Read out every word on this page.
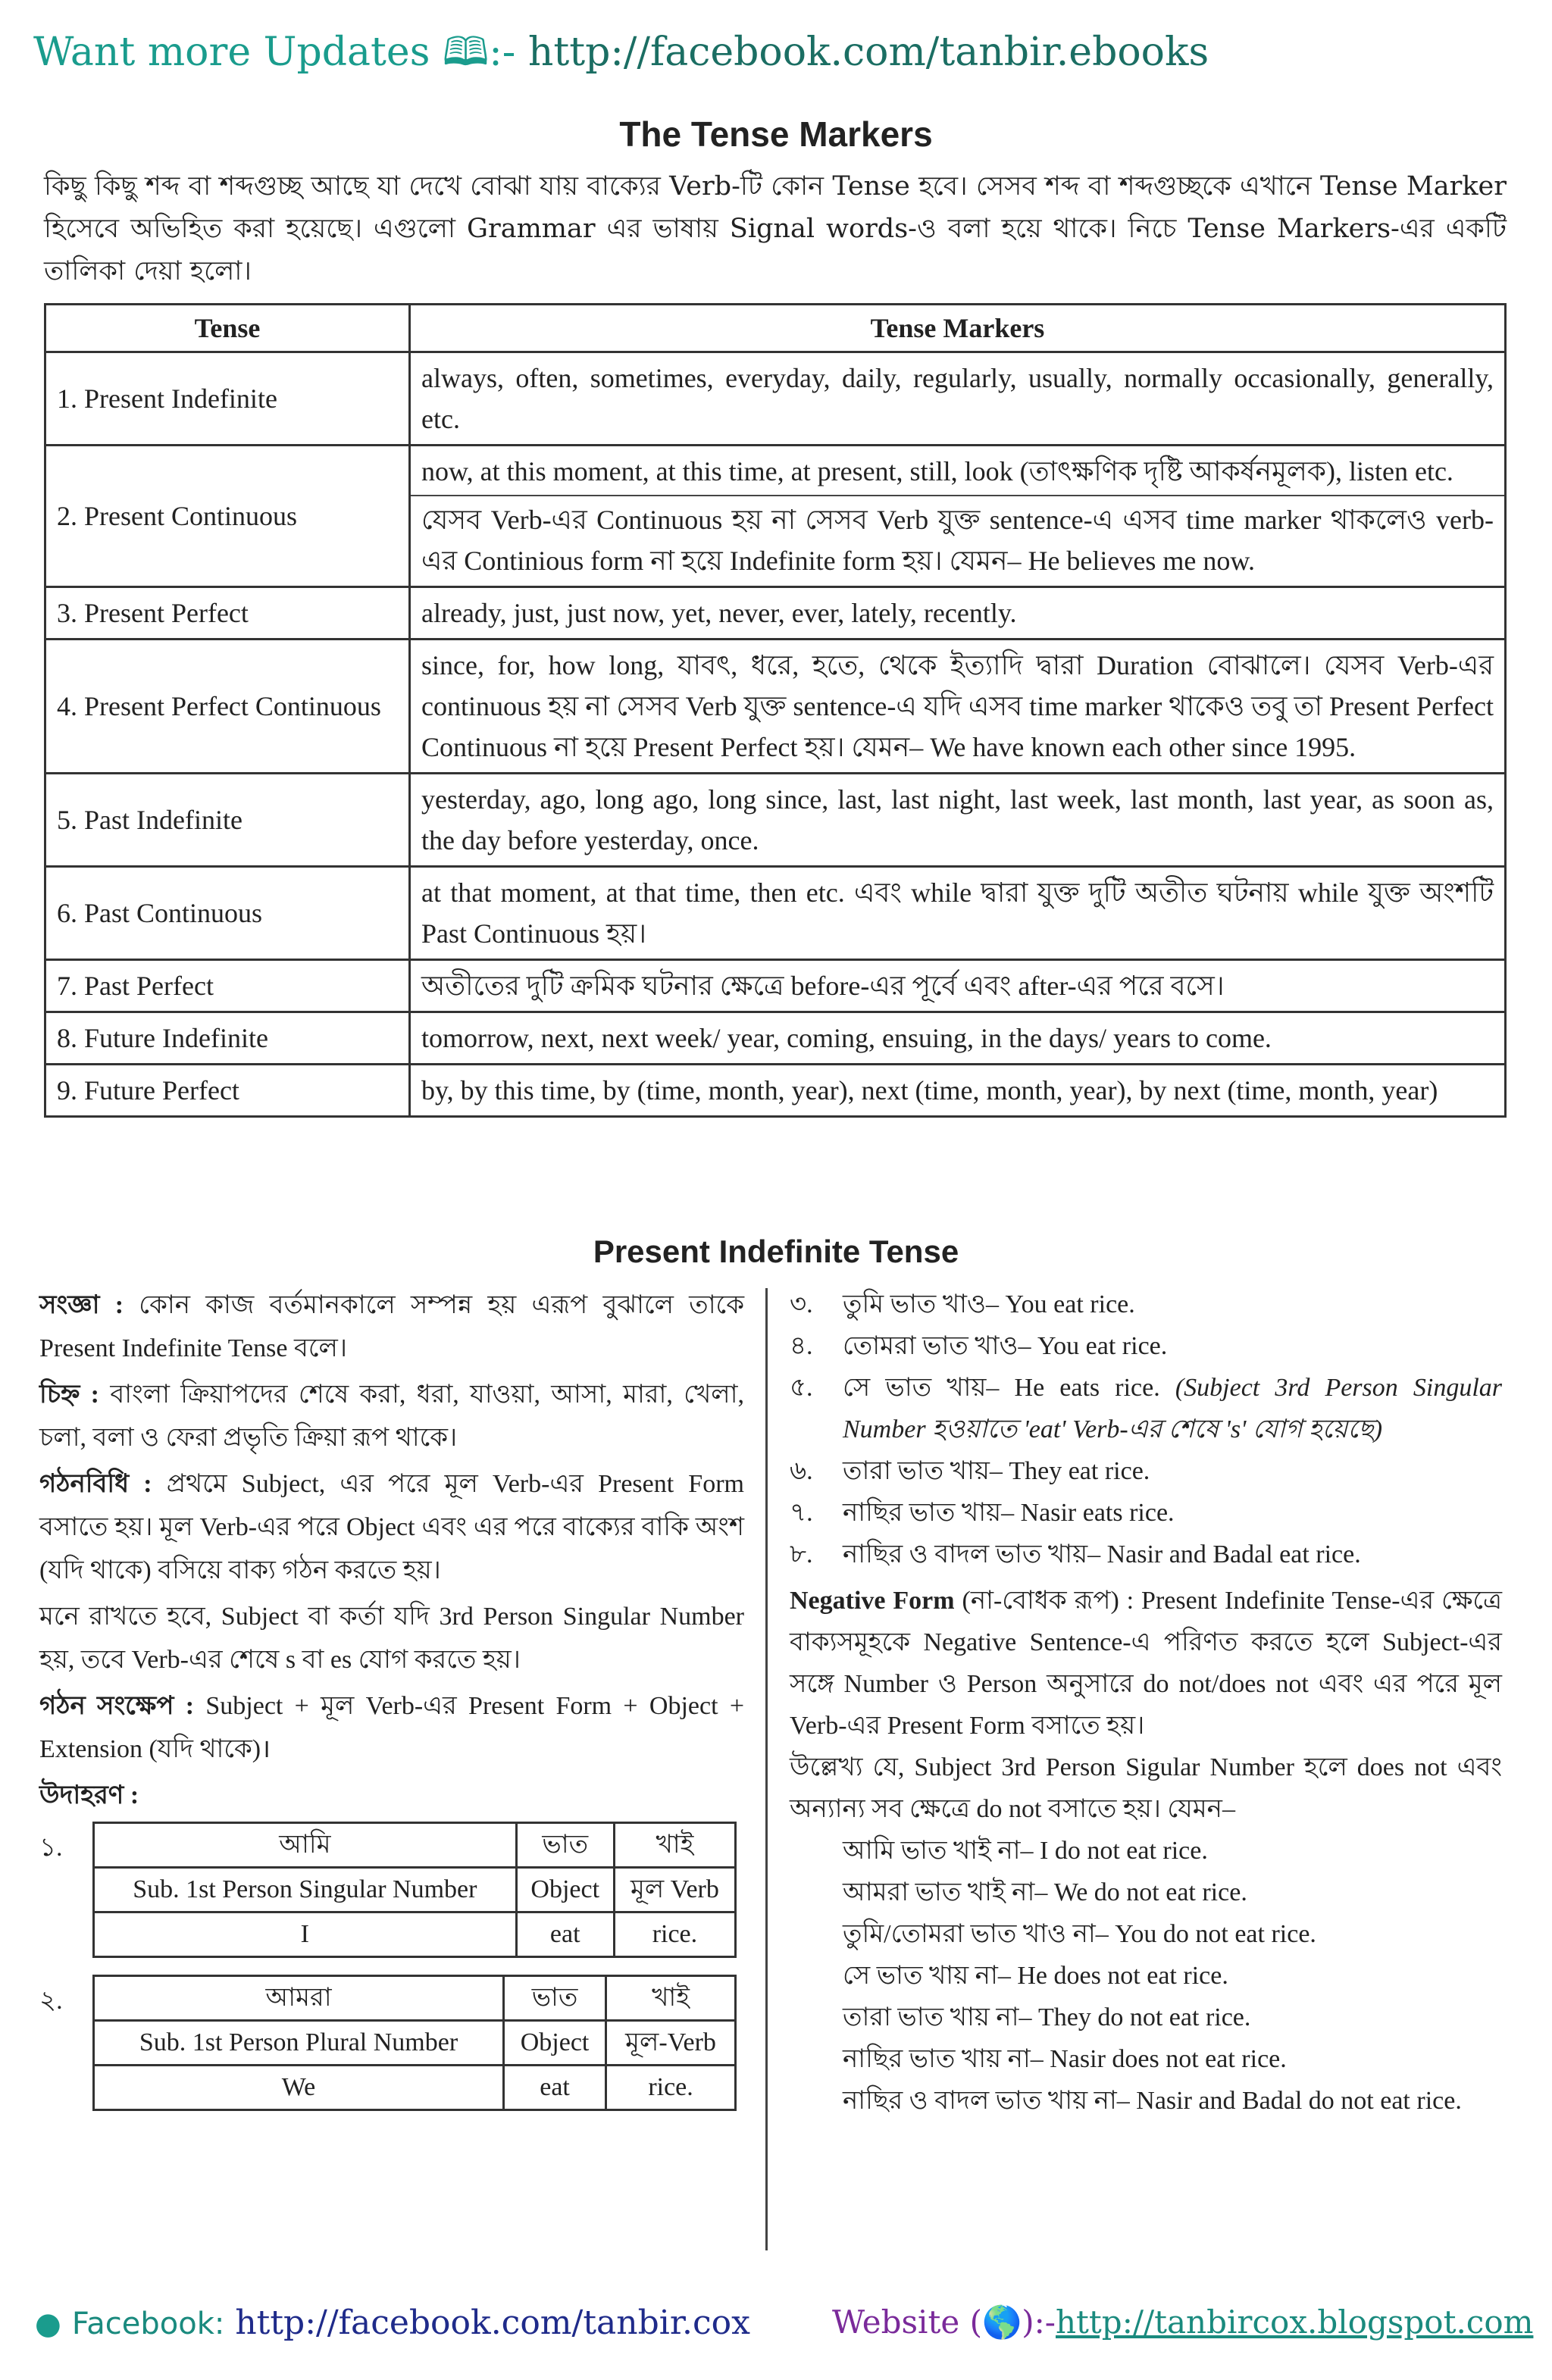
Want more Updates 🕮:- http://facebook.com/tanbir.ebooks
The Tense Markers
কিছু কিছু শব্দ বা শব্দগুচ্ছ আছে যা দেখে বোঝা যায় বাক্যের Verb-টি কোন Tense হবে। সেসব শব্দ বা শব্দগুচ্ছকে এখানে Tense Marker হিসেবে অভিহিত করা হয়েছে। এগুলো Grammar এর ভাষায় Signal words-ও বলা হয়ে থাকে। নিচে Tense Markers-এর একটি তালিকা দেয়া হলো।
Tense	Tense Markers
1. Present Indefinite	always, often, sometimes, everyday, daily, regularly, usually, normally occasionally, generally, etc.
2. Present Continuous	now, at this moment, at this time, at present, still, look (তাৎক্ষণিক দৃষ্টি আকর্ষনমূলক), listen etc.
যেসব Verb-এর Continuous হয় না সেসব Verb যুক্ত sentence-এ এসব time marker থাকলেও verb-এর Continious form না হয়ে Indefinite form হয়। যেমন– He believes me now.

3. Present Perfect	already, just, just now, yet, never, ever, lately, recently.
4. Present Perfect Continuous	since, for, how long, যাবৎ, ধরে, হতে, থেকে ইত্যাদি দ্বারা Duration বোঝালে। যেসব Verb-এর continuous হয় না সেসব Verb যুক্ত sentence-এ যদি এসব time marker থাকেও তবু তা Present Perfect Continuous না হয়ে Present Perfect হয়। যেমন– We have known each other since 1995.
5. Past Indefinite	yesterday, ago, long ago, long since, last, last night, last week, last month, last year, as soon as, the day before yesterday, once.
6. Past Continuous	at that moment, at that time, then etc. এবং while দ্বারা যুক্ত দুটি অতীত ঘটনায় while যুক্ত অংশটি Past Continuous হয়।
7. Past Perfect	অতীতের দুটি ক্রমিক ঘটনার ক্ষেত্রে before-এর পূর্বে এবং after-এর পরে বসে।
8. Future Indefinite	tomorrow, next, next week/ year, coming, ensuing, in the days/ years to come.
9. Future Perfect	by, by this time, by (time, month, year), next (time, month, year), by next (time, month, year)
Present Indefinite Tense

সংজ্ঞা : কোন কাজ বর্তমানকালে সম্পন্ন হয় এরূপ বুঝালে তাকে Present Indefinite Tense বলে।

চিহ্ন : বাংলা ক্রিয়াপদের শেষে করা, ধরা, যাওয়া, আসা, মারা, খেলা, চলা, বলা ও ফেরা প্রভৃতি ক্রিয়া রূপ থাকে।

গঠনবিধি : প্রথমে Subject, এর পরে মূল Verb-এর Present Form বসাতে হয়। মূল Verb-এর পরে Object এবং এর পরে বাক্যের বাকি অংশ (যদি থাকে) বসিয়ে বাক্য গঠন করতে হয়।

মনে রাখতে হবে, Subject বা কর্তা যদি 3rd Person Singular Number হয়, তবে Verb-এর শেষে s বা es যোগ করতে হয়।

গঠন সংক্ষেপ : Subject + মূল Verb-এর Present Form + Object + Extension (যদি থাকে)।

উদাহরণ :

১.	আমি	ভাত	খাই
Sub. 1st Person Singular Number	Object	মূল Verb
I	eat	rice.
২.	আমরা	ভাত	খাই
Sub. 1st Person Plural Number	Object	মূল-Verb
We	eat	rice.
৩.	তুমি ভাত খাও– You eat rice.
৪.	তোমরা ভাত খাও– You eat rice.
৫.	সে ভাত খায়– He eats rice. (Subject 3rd Person Singular Number হওয়াতে 'eat' Verb-এর শেষে 's' যোগ হয়েছে)
৬.	তারা ভাত খায়– They eat rice.
৭.	নাছির ভাত খায়– Nasir eats rice.
৮.	নাছির ও বাদল ভাত খায়– Nasir and Badal eat rice.

Negative Form (না-বোধক রূপ) : Present Indefinite Tense-এর ক্ষেত্রে বাক্যসমূহকে Negative Sentence-এ পরিণত করতে হলে Subject-এর সঙ্গে Number ও Person অনুসারে do not/does not এবং এর পরে মূল Verb-এর Present Form বসাতে হয়।

উল্লেখ্য যে, Subject 3rd Person Sigular Number হলে does not এবং অন্যান্য সব ক্ষেত্রে do not বসাতে হয়। যেমন–

আমি ভাত খাই না– I do not eat rice.
আমরা ভাত খাই না– We do not eat rice.
তুমি/তোমরা ভাত খাও না– You do not eat rice.
সে ভাত খায় না– He does not eat rice.
তারা ভাত খায় না– They do not eat rice.
নাছির ভাত খায় না– Nasir does not eat rice.
নাছির ও বাদল ভাত খায় না– Nasir and Badal do not eat rice.
● Facebook: http://facebook.com/tanbir.cox	Website (🌎):-http://tanbircox.blogspot.com
